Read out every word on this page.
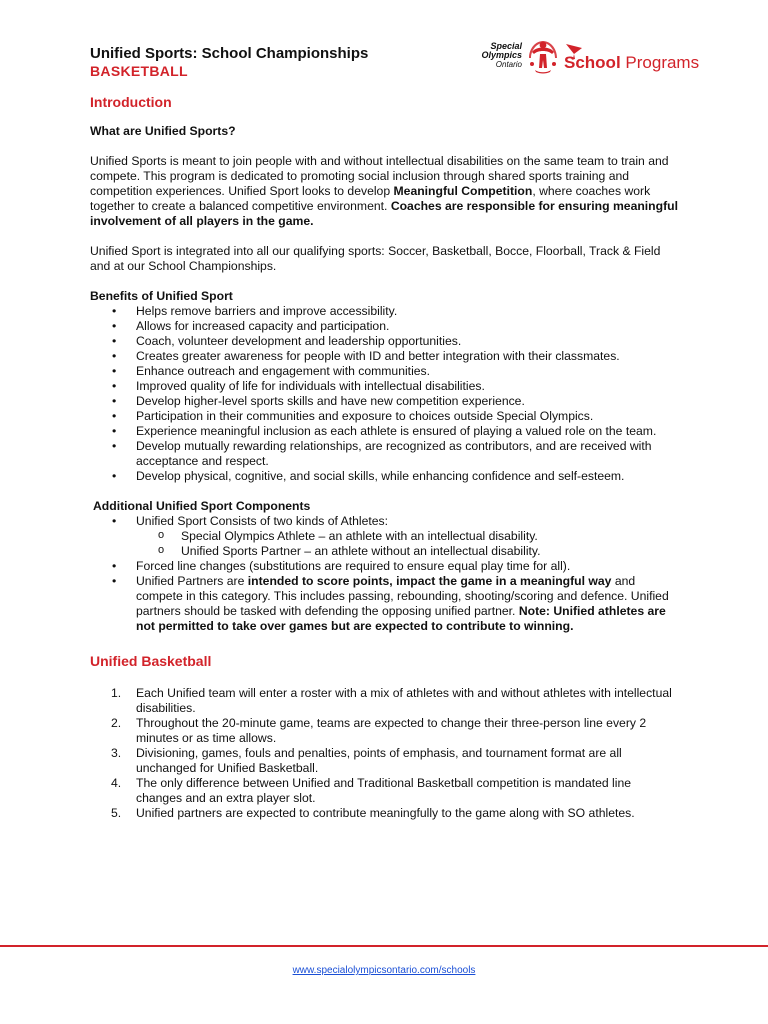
Unified Sports: School Championships
BASKETBALL
Special
Olympics
Ontario School Programs
Introduction

What are Unified Sports?

Unified Sports is meant to join people with and without intellectual disabilities on the same team to train and compete. This program is dedicated to promoting social inclusion through shared sports training and competition experiences. Unified Sport looks to develop Meaningful Competition, where coaches work together to create a balanced competitive environment. Coaches are responsible for ensuring meaningful involvement of all players in the game.

Unified Sport is integrated into all our qualifying sports: Soccer, Basketball, Bocce, Floorball, Track & Field and at our School Championships.

Benefits of Unified Sport

• Helps remove barriers and improve accessibility.
• Allows for increased capacity and participation.
• Coach, volunteer development and leadership opportunities.
• Creates greater awareness for people with ID and better integration with their classmates.
• Enhance outreach and engagement with communities.
• Improved quality of life for individuals with intellectual disabilities.
• Develop higher-level sports skills and have new competition experience.
• Participation in their communities and exposure to choices outside Special Olympics.
• Experience meaningful inclusion as each athlete is ensured of playing a valued role on the team.
• Develop mutually rewarding relationships, are recognized as contributors, and are received with acceptance and respect.
• Develop physical, cognitive, and social skills, while enhancing confidence and self-esteem.

Additional Unified Sport Components

• Unified Sport Consists of two kinds of Athletes:
o Special Olympics Athlete – an athlete with an intellectual disability.
o Unified Sports Partner – an athlete without an intellectual disability.
• Forced line changes (substitutions are required to ensure equal play time for all).
• Unified Partners are intended to score points, impact the game in a meaningful way and compete in this category. This includes passing, rebounding, shooting/scoring and defence. Unified partners should be tasked with defending the opposing unified partner. Note: Unified athletes are not permitted to take over games but are expected to contribute to winning.
Unified Basketball
1. Each Unified team will enter a roster with a mix of athletes with and without athletes with intellectual disabilities.
2. Throughout the 20-minute game, teams are expected to change their three-person line every 2 minutes or as time allows.
3. Divisioning, games, fouls and penalties, points of emphasis, and tournament format are all unchanged for Unified Basketball.
4. The only difference between Unified and Traditional Basketball competition is mandated line changes and an extra player slot.
5. Unified partners are expected to contribute meaningfully to the game along with SO athletes.
www.specialolympicsontario.com/schools
